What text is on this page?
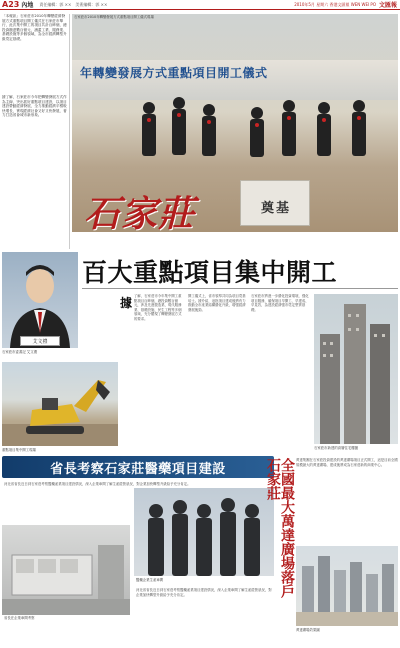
A23 內地 責任編輯：郭 ××　美術編輯：郭 ××	2010年5月 星期六 香港文匯報 WEN WEI PO 文匯報
「本報訊」石家莊市2010年轉變經濟發展方式重點項目開工儀式在石家莊市舉行，此次集中開工的項目共計百餘個，總投資額達數百億元，涵蓋工業、服務業、基礎設施等多個領域，為全市經濟轉型升級奠定基礎。
據了解，石家莊市今年把轉變發展方式作為主線，突出抓好重點項目建設，以項目建設帶動經濟發展，全力推動經濟平穩較快增長，實現經濟社會又好又快發展，著力打造省會城市新形象。
石家莊市2010年轉變發展方式重點項目開工儀式現場
年轉變發展方式重點項目開工儀式
奠基
石家莊
艾文禮
石家莊市委書記 艾文禮
百大重點項目集中開工
據 了解，石家莊市今年集中開工重點項目百餘個，總投資數百億元，涉及先進製造業、現代服務業、基礎設施、民生工程等多個領域，充分體現了轉變發展方式的要求。
開工儀式上，省市領導共同為項目奠基培土。據介紹，這批項目建成後將有力推動全市產業結構優化升級，增強經濟發展後勁。
石家莊市將進一步優化投資環境，強化項目服務，確保項目早開工、早建成、早見效，為建設經濟強市奠定堅實基礎。
重點項目集中開工現場	石家莊市新建的高層住宅樓盤
省長考察石家莊醫藥項目建設
河北省省長近日到石家莊考察醫藥產業項目建設情況，深入企業車間了解生產經營狀況，對企業加快轉型升級給予充分肯定。
省長在企業車間考察
醫藥企業生產車間
河北省省長近日到石家莊考察醫藥產業項目建設情況，深入企業車間了解生產經營狀況，對企業加快轉型升級給予充分肯定。	全國最大萬達廣場落戶石家莊	萬達集團在石家莊投資建設的萬達廣場項目正式開工，這是目前全國規模最大的萬達廣場，建成後將成為石家莊新的商業中心。
萬達廣場效果圖
